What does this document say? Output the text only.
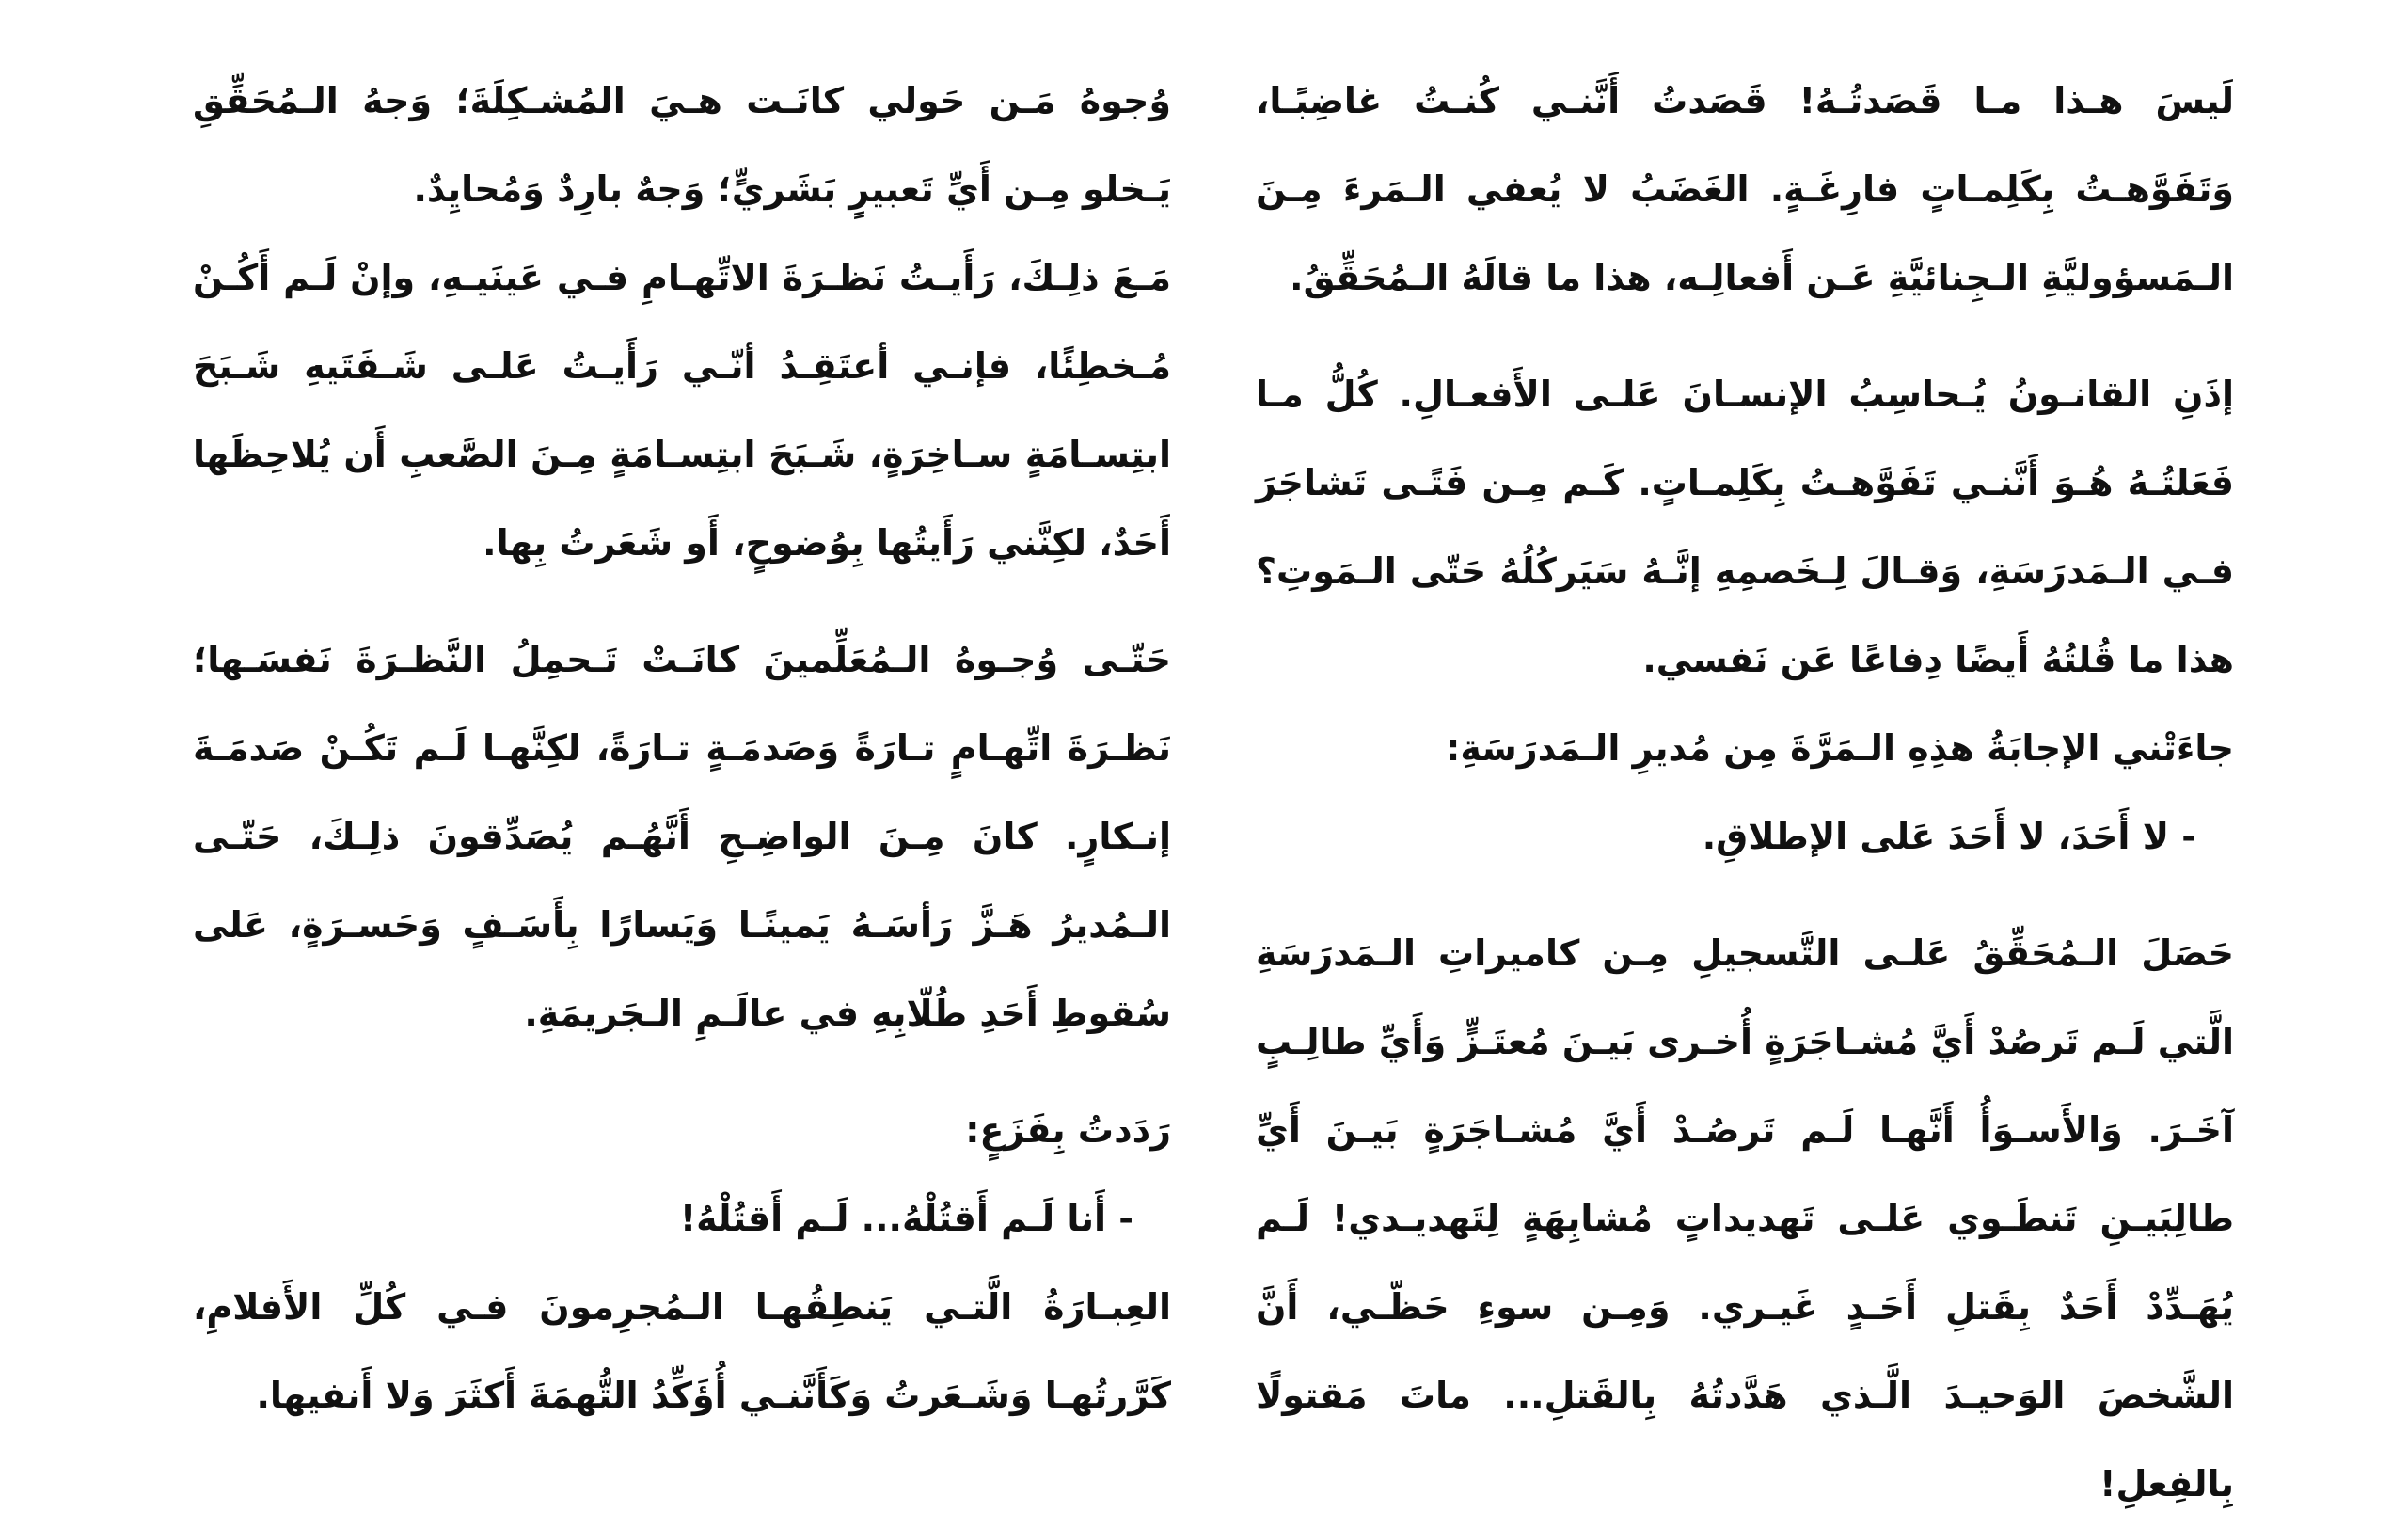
لَيسَ هـذا مـا قَصَدتُـهُ! قَصَدتُ أَنَّنـي كُنـتُ غاضِبًـا، وَتَفَوَّهـتُ بِكَلِمـاتٍ فارِغَـةٍ. الغَضَبُ لا يُعفي الـمَرءَ مِـنَ الـمَسؤوليَّةِ الـجِنائيَّةِ عَـن أَفعالِـه، هذا ما قالَهُ الـمُحَقِّقُ.

إذَنِ القانـونُ يُـحاسِبُ الإنسـانَ عَلـى الأَفعـالِ. كُلُّ مـا فَعَلتُـهُ هُـوَ أَنَّنـي تَفَوَّهـتُ بِكَلِمـاتٍ. كَـم مِـن فَتًـى تَشاجَرَ فـي الـمَدرَسَةِ، وَقـالَ لِـخَصمِهِ إنَّـهُ سَيَركُلُهُ حَتّى الـمَوتِ؟ هذا ما قُلتُهُ أَيضًا دِفاعًا عَن نَفسي.

جاءَتْني الإجابَةُ هذِهِ الـمَرَّةَ مِن مُديرِ الـمَدرَسَةِ:

- لا أَحَدَ، لا أَحَدَ عَلى الإطلاقِ.

حَصَلَ الـمُحَقِّقُ عَلـى التَّسجيلِ مِـن كاميراتِ الـمَدرَسَةِ الَّتي لَـم تَرصُدْ أَيَّ مُشـاجَرَةٍ أُخـرى بَيـنَ مُعتَـزٍّ وَأَيِّ طالِـبٍ آخَـرَ. وَالأَسـوَأُ أَنَّهـا لَـم تَرصُـدْ أَيَّ مُشـاجَرَةٍ بَيـنَ أَيِّ طالِبَيـنِ تَنطَـوي عَلـى تَهديداتٍ مُشابِهَةٍ لِتَهديـدي! لَـم يُهَـدِّدْ أَحَدٌ بِقَتلِ أَحَـدٍ غَيـري. وَمِـن سوءِ حَظّـي، أَنَّ الشَّخصَ الوَحيـدَ الَّـذي هَدَّدتُهُ بِالقَتلِ... ماتَ مَقتولًا بِالفِعلِ!

وُجوهُ مَـن حَولي كانَـت هـيَ المُشـكِلَةَ؛ وَجهُ الـمُحَقِّقِ يَـخلو مِـن أَيِّ تَعبيرٍ بَشَريٍّ؛ وَجهٌ بارِدٌ وَمُحايِدٌ.

مَـعَ ذلِـكَ، رَأَيـتُ نَظـرَةَ الاتِّهـامِ فـي عَينَيـهِ، وإنْ لَـم أَكُـنْ مُـخطِئًا، فإنـي أعتَقِـدُ أنّـي رَأَيـتُ عَلـى شَـفَتَيهِ شَـبَحَ ابتِسـامَةٍ سـاخِرَةٍ، شَـبَحَ ابتِسـامَةٍ مِـنَ الصَّعبِ أَن يُلاحِظَها أَحَدٌ، لكِنَّني رَأَيتُها بِوُضوحٍ، أَو شَعَرتُ بِها.

حَتّـى وُجـوهُ الـمُعَلِّمينَ كانَـتْ تَـحمِلُ النَّظـرَةَ نَفسَـها؛ نَظـرَةَ اتِّهـامٍ تـارَةً وَصَدمَـةٍ تـارَةً، لكِنَّهـا لَـم تَكُـنْ صَدمَـةَ إنـكارٍ. كانَ مِـنَ الواضِـحِ أَنَّهُـم يُصَدِّقونَ ذلِـكَ، حَتّـى الـمُديرُ هَـزَّ رَأسَـهُ يَمينًـا وَيَسارًا بِأَسَـفٍ وَحَسـرَةٍ، عَلى سُقوطِ أَحَدِ طُلّابِهِ في عالَـمِ الـجَريمَةِ.

رَدَدتُ بِفَزَعٍ:

- أَنا لَـم أَقتُلْهُ... لَـم أَقتُلْهُ!

العِبـارَةُ الَّتـي يَنطِقُهـا الـمُجرِمونَ فـي كُلِّ الأَفلامِ، كَرَّرتُهـا وَشَـعَرتُ وَكَأَنَّنـي أُؤَكِّدُ التُّهمَةَ أَكثَرَ وَلا أَنفيها.
